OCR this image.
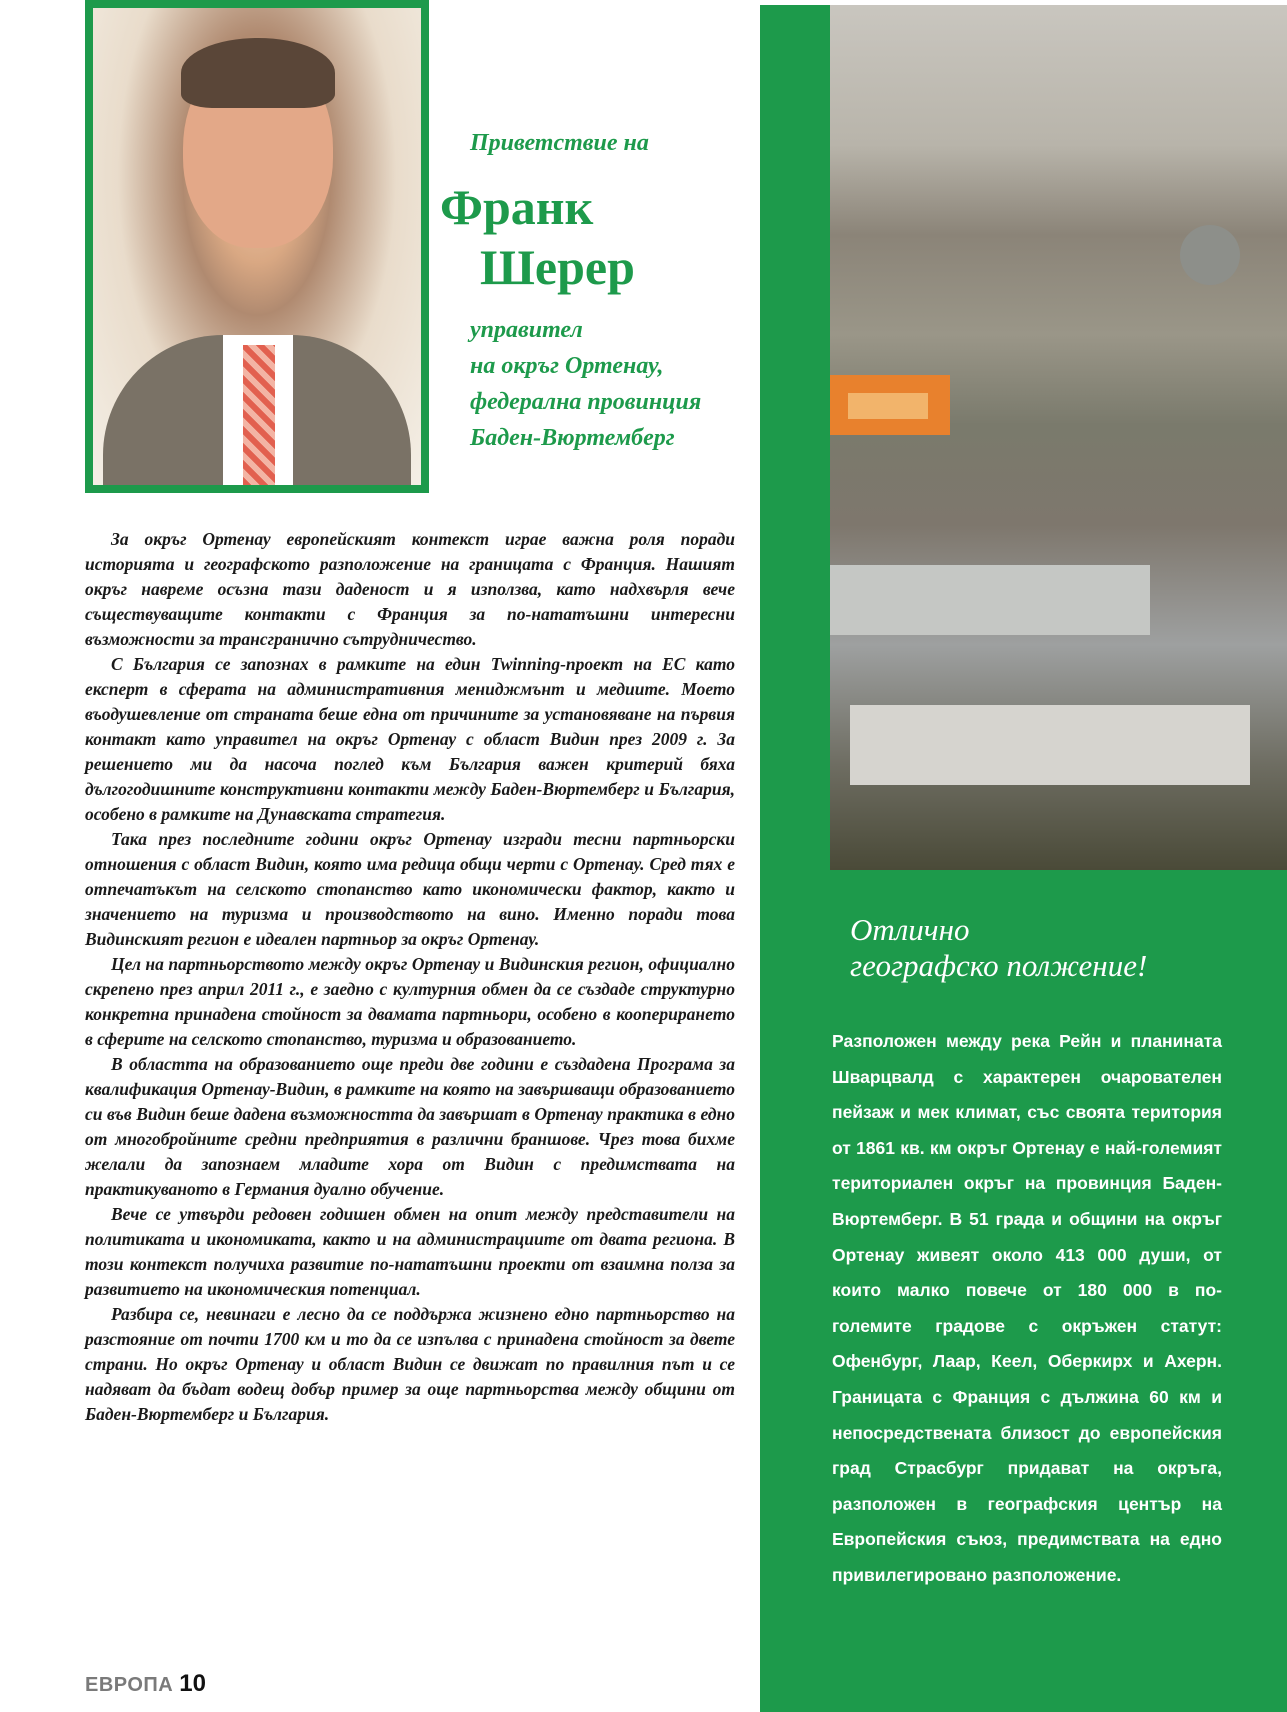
Приветствие на

Франк
Шерер
управител
на окръг Ортенау,
федерална провинция
Баден-Вюртемберг

За окръг Ортенау европейският контекст играе важна роля поради историята и географското разположение на границата с Франция. Нашият окръг навреме осъзна тази даденост и я използва, като надхвърля вече съществуващите контакти с Франция за по-нататъшни интересни възможности за трансгранично сътрудничество.

С България се запознах в рамките на един Twinning-проект на ЕС като експерт в сферата на административния мениджмънт и медиите. Моето въодушевление от страната беше една от причините за установяване на първия контакт като управител на окръг Ортенау с област Видин през 2009 г. За решението ми да насоча поглед към България важен критерий бяха дългогодишните конструктивни контакти между Баден-Вюртемберг и България, особено в рамките на Дунавската стратегия.

Така през последните години окръг Ортенау изгради тесни партньорски отношения с област Видин, която има редица общи черти с Ортенау. Сред тях е отпечатъкът на селското стопанство като икономически фактор, както и значението на туризма и производството на вино. Именно поради това Видинският регион е идеален партньор за окръг Ортенау.

Цел на партньорството между окръг Ортенау и Видинския регион, официално скрепено през април 2011 г., е заедно с културния обмен да се създаде структурно конкретна принадена стойност за двамата партньори, особено в коопериранeто в сферите на селското стопанство, туризма и образованието.

В областта на образованието още преди две години е създадена Програма за квалификация Ортенау-Видин, в рамките на която на завършващи образованието си във Видин беше дадена възможността да завършат в Ортенау практика в едно от многобройните средни предприятия в различни браншове. Чрез това бихме желали да запознаем младите хора от Видин с предимствата на практикуваното в Германия дуално обучение.

Вече се утвърди редовен годишен обмен на опит между представители на политиката и икономиката, както и на администрациите от двата региона. В този контекст получиха развитие по-нататъшни проекти от взаимна полза за развитието на икономическия потенциал.

Разбира се, невинаги е лесно да се поддържа жизнено едно партньорство на разстояние от почти 1700 км и то да се изпълва с принадена стойност за двете страни. Но окръг Ортенау и област Видин се движат по правилния път и се надяват да бъдат водещ добър пример за още партньорства между общини от Баден-Вюртемберг и България.

ЕВРОПА 10
Отлично
географско полжение!

Разположен между река Рейн и планината Шварцвалд с характерен очарователен пейзаж и мек климат, със своята територия от 1861 кв. км окръг Ортенау е най-големият териториален окръг на провинция Баден-Вюртемберг. В 51 града и общини на окръг Ортенау живеят около 413 000 души, от които малко повече от 180 000 в по-големите градове с окръжен статут: Офенбург, Лаар, Кеел, Оберкирх и Ахерн. Границата с Франция с дължина 60 км и непосредствената близост до европейския град Страсбург придават на окръга, разположен в географския център на Европейския съюз, предимствата на едно привилегировано разположение.
